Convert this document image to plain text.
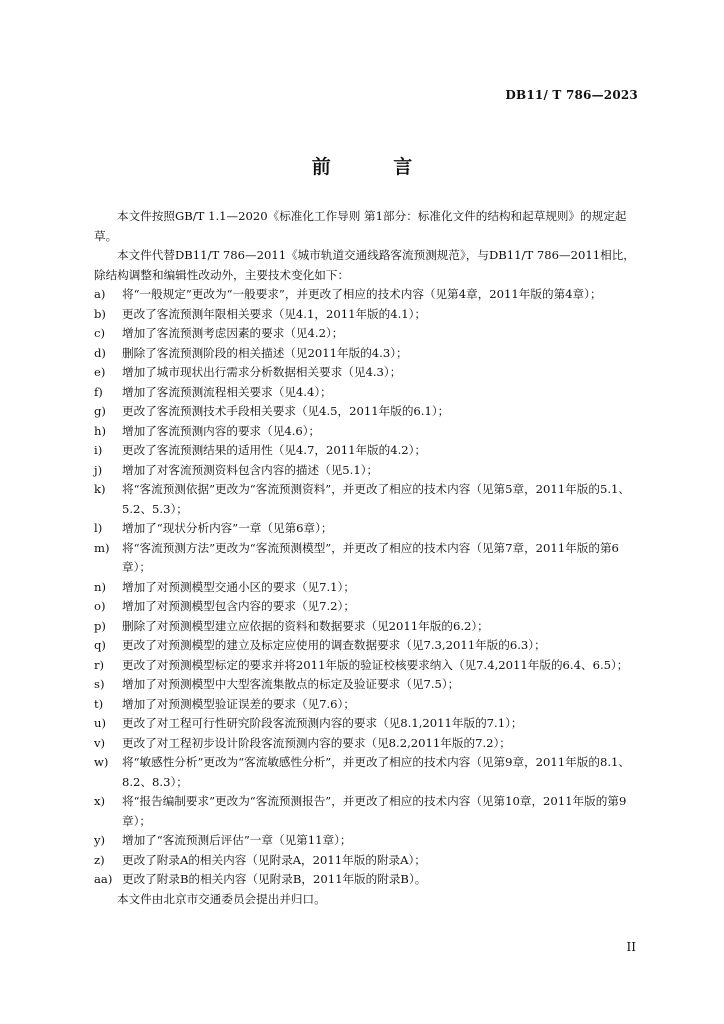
DB11/ T 786—2023
前 言

本文件按照GB/T 1.1—2020《标准化工作导则 第1部分：标准化文件的结构和起草规则》的规定起草。

本文件代替DB11/T 786—2011《城市轨道交通线路客流预测规范》，与DB11/T 786—2011相比，除结构调整和编辑性改动外，主要技术变化如下：

a)	将“一般规定”更改为“一般要求”，并更改了相应的技术内容（见第4章，2011年版的第4章）；
b)	更改了客流预测年限相关要求（见4.1，2011年版的4.1）；
c)	增加了客流预测考虑因素的要求（见4.2）；
d)	删除了客流预测阶段的相关描述（见2011年版的4.3）；
e)	增加了城市现状出行需求分析数据相关要求（见4.3）；
f)	增加了客流预测流程相关要求（见4.4）；
g)	更改了客流预测技术手段相关要求（见4.5，2011年版的6.1）；
h)	增加了客流预测内容的要求（见4.6）；
i)	更改了客流预测结果的适用性（见4.7，2011年版的4.2）；
j)	增加了对客流预测资料包含内容的描述（见5.1）；
k)	将“客流预测依据”更改为“客流预测资料”，并更改了相应的技术内容（见第5章，2011年版的5.1、5.2、5.3）；
l)	增加了“现状分析内容”一章（见第6章）；
m)	将“客流预测方法”更改为“客流预测模型”，并更改了相应的技术内容（见第7章，2011年版的第6章）；
n)	增加了对预测模型交通小区的要求（见7.1）；
o)	增加了对预测模型包含内容的要求（见7.2）；
p)	删除了对预测模型建立应依据的资料和数据要求（见2011年版的6.2）；
q)	更改了对预测模型的建立及标定应使用的调查数据要求（见7.3,2011年版的6.3）；
r)	更改了对预测模型标定的要求并将2011年版的验证校核要求纳入（见7.4,2011年版的6.4、6.5）；
s)	增加了对预测模型中大型客流集散点的标定及验证要求（见7.5）；
t)	增加了对预测模型验证误差的要求（见7.6）；
u)	更改了对工程可行性研究阶段客流预测内容的要求（见8.1,2011年版的7.1）；
v)	更改了对工程初步设计阶段客流预测内容的要求（见8.2,2011年版的7.2）；
w)	将“敏感性分析”更改为“客流敏感性分析”，并更改了相应的技术内容（见第9章，2011年版的8.1、8.2、8.3）；
x)	将“报告编制要求”更改为“客流预测报告”，并更改了相应的技术内容（见第10章，2011年版的第9章）；
y)	增加了“客流预测后评估”一章（见第11章）；
z)	更改了附录A的相关内容（见附录A，2011年版的附录A）；
aa) 更改了附录B的相关内容（见附录B，2011年版的附录B）。

本文件由北京市交通委员会提出并归口。

II
